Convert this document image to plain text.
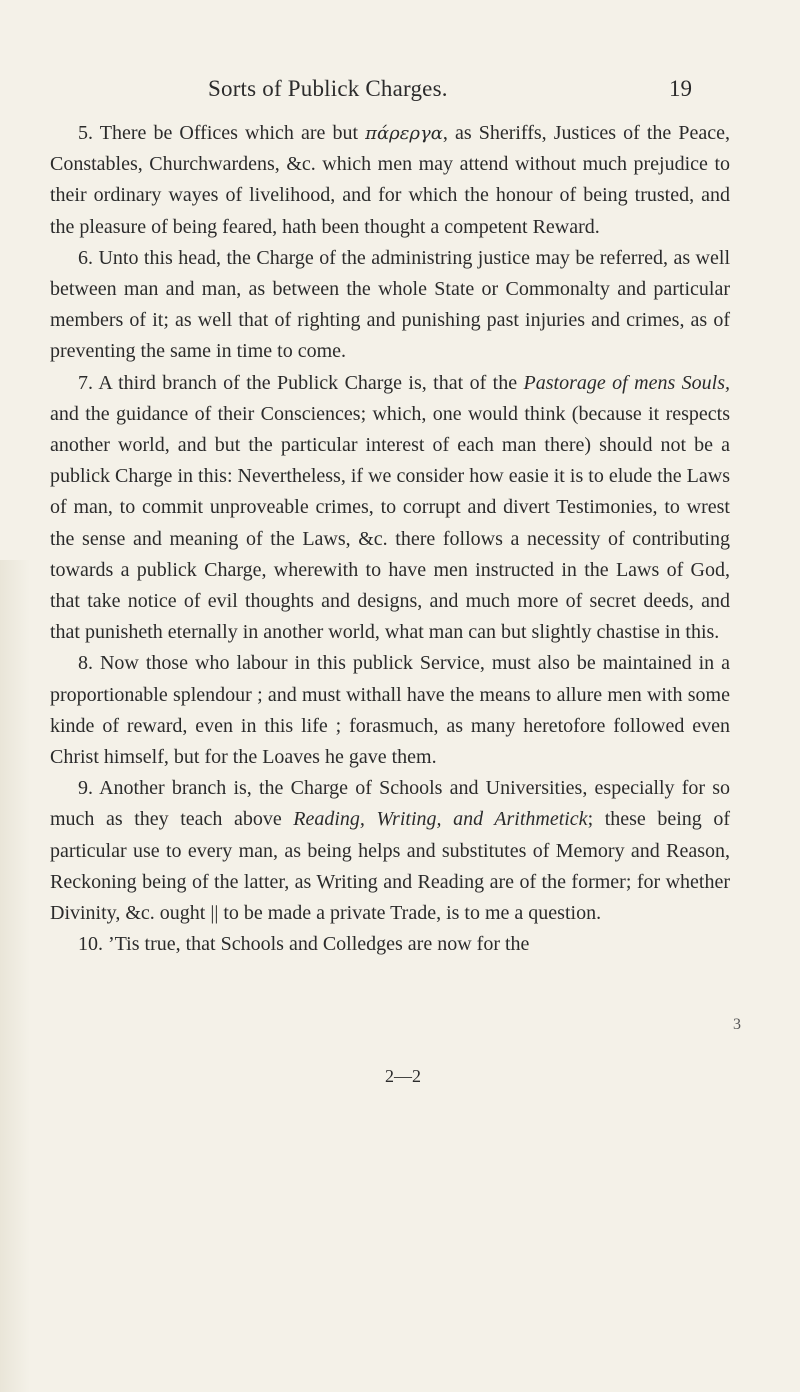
Sorts of Publick Charges.	19

5. There be Offices which are but πάρεργα, as Sheriffs, Justices of the Peace, Constables, Churchwardens, &c. which men may attend without much prejudice to their ordinary wayes of livelihood, and for which the honour of being trusted, and the pleasure of being feared, hath been thought a competent Reward.

6. Unto this head, the Charge of the administring justice may be referred, as well between man and man, as between the whole State or Commonalty and particular members of it; as well that of righting and punishing past injuries and crimes, as of preventing the same in time to come.

7. A third branch of the Publick Charge is, that of the Pastorage of mens Souls, and the guidance of their Consciences; which, one would think (because it respects another world, and but the particular interest of each man there) should not be a publick Charge in this: Nevertheless, if we consider how easie it is to elude the Laws of man, to commit unproveable crimes, to corrupt and divert Testimonies, to wrest the sense and meaning of the Laws, &c. there follows a necessity of contributing towards a publick Charge, wherewith to have men instructed in the Laws of God, that take notice of evil thoughts and designs, and much more of secret deeds, and that punisheth eternally in another world, what man can but slightly chastise in this.

8. Now those who labour in this publick Service, must also be maintained in a proportionable splendour ; and must withall have the means to allure men with some kinde of reward, even in this life ; forasmuch, as many heretofore followed even Christ himself, but for the Loaves he gave them.

9. Another branch is, the Charge of Schools and Universities, especially for so much as they teach above Reading, Writing, and Arithmetick; these being of particular use to every man, as being helps and substitutes of Memory and Reason, Reckoning being of the latter, as Writing and Reading are of the former; for whether Divinity, &c. ought || to be made a private Trade, is to me a question.

10. ’Tis true, that Schools and Colledges are now for the

3
2—2
